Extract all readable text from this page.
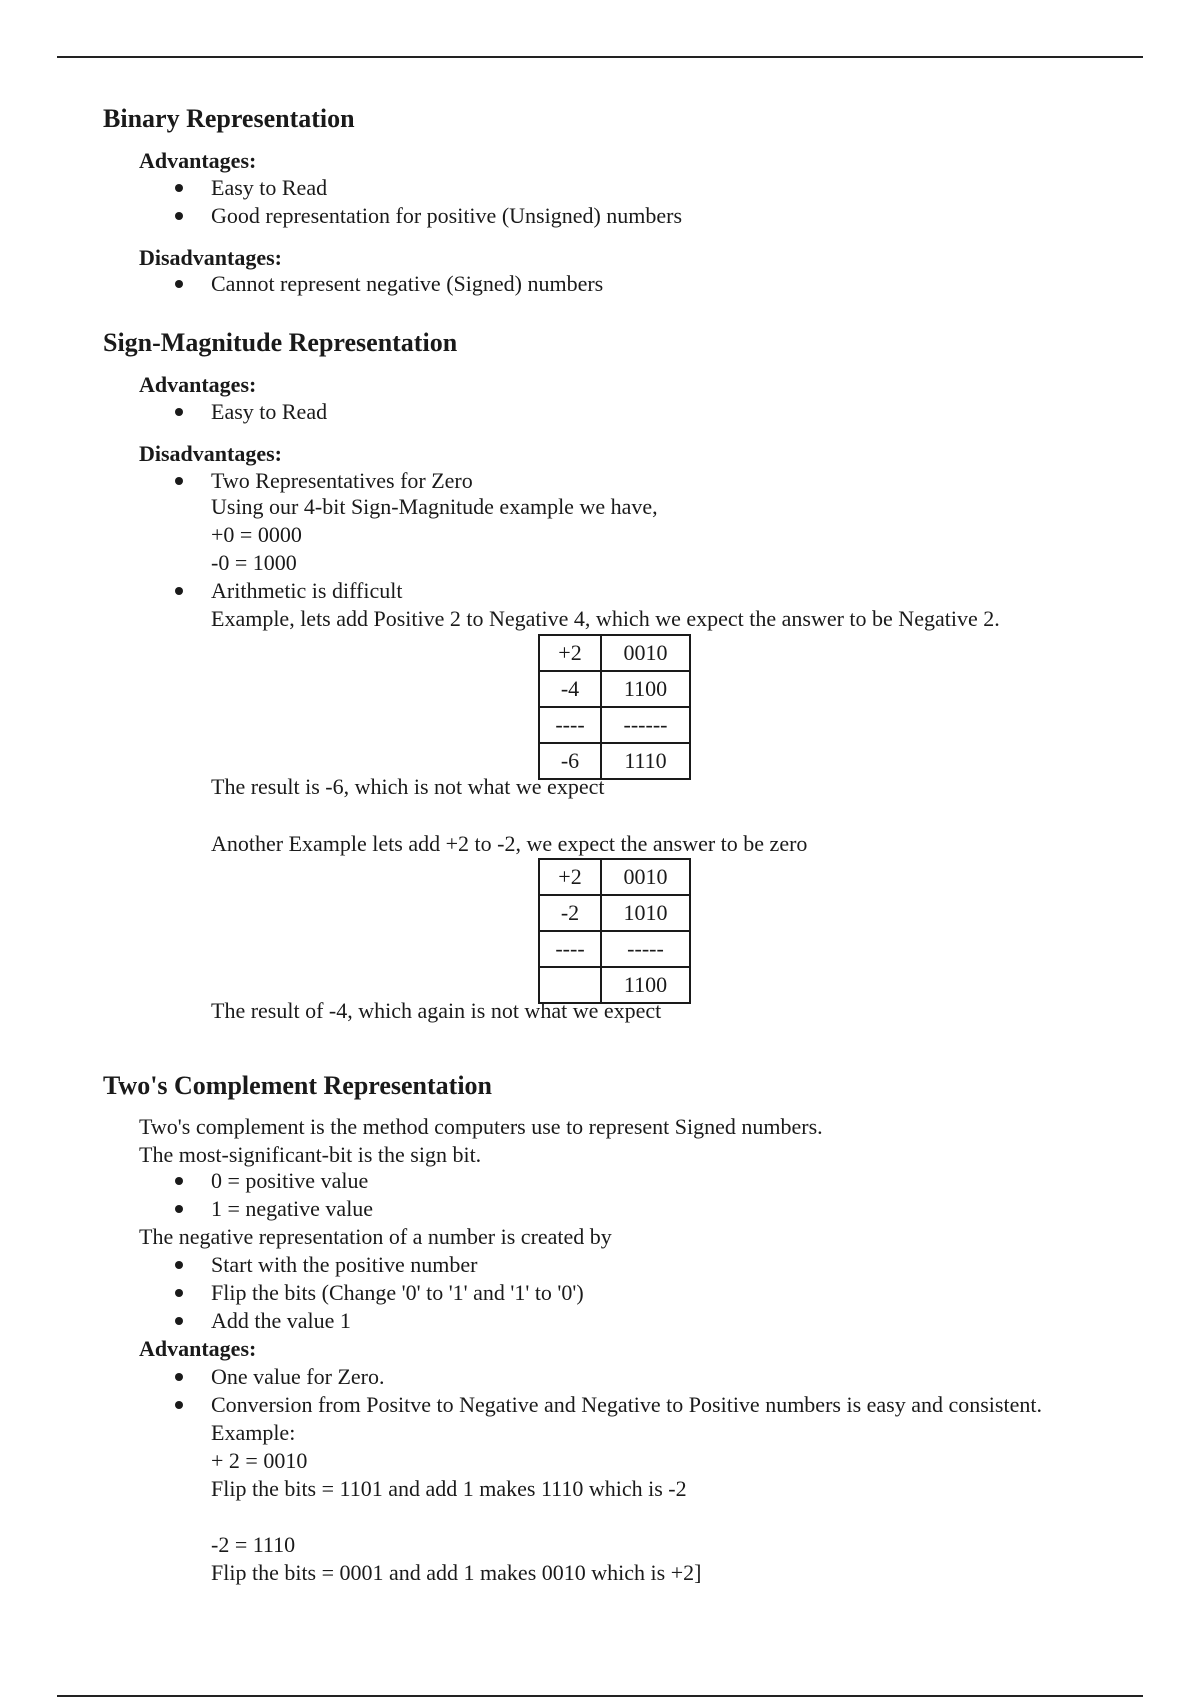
Binary Representation
Advantages:
Easy to Read
Good representation for positive (Unsigned) numbers
Disadvantages:
Cannot represent negative (Signed) numbers
Sign-Magnitude Representation
Advantages:
Easy to Read
Disadvantages:
Two Representatives for Zero
Using our 4-bit Sign-Magnitude example we have,
+0 = 0000
-0 = 1000
Arithmetic is difficult
Example, lets add Positive 2 to Negative 4, which we expect the answer to be Negative 2.
+2	0010
-4	1100
----	------
-6	1110
The result is -6, which is not what we expect
Another Example lets add +2 to -2, we expect the answer to be zero
+2	0010
-2	1010
----	-----
	1100
The result of -4, which again is not what we expect
Two's Complement Representation
Two's complement is the method computers use to represent Signed numbers.
The most-significant-bit is the sign bit.
0 = positive value
1 = negative value
The negative representation of a number is created by
Start with the positive number
Flip the bits (Change '0' to '1' and '1' to '0')
Add the value 1
Advantages:
One value for Zero.
Conversion from Positve to Negative and Negative to Positive numbers is easy and consistent.
Example:
+ 2 = 0010
Flip the bits = 1101 and add 1 makes 1110 which is -2
-2 = 1110
Flip the bits = 0001 and add 1 makes 0010 which is +2]
